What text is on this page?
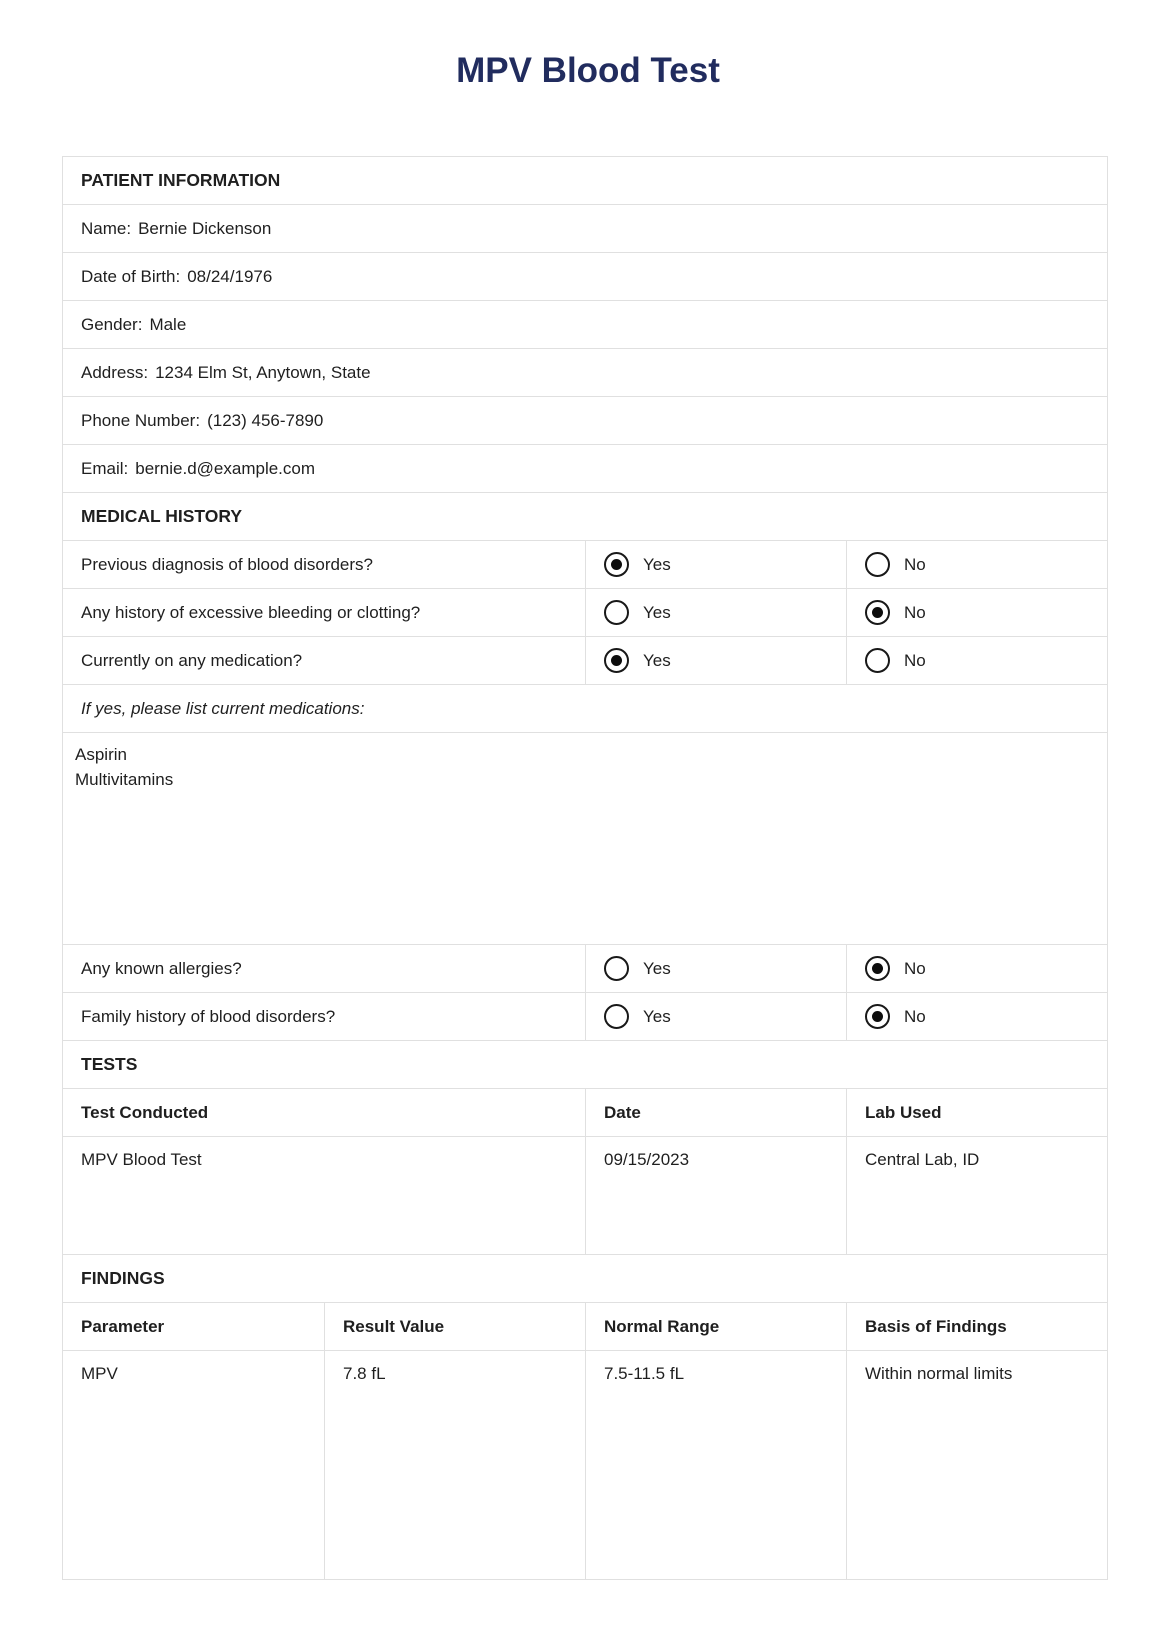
MPV Blood Test
PATIENT INFORMATION
Name: Bernie Dickenson
Date of Birth: 08/24/1976
Gender: Male
Address: 1234 Elm St, Anytown, State
Phone Number: (123) 456-7890
Email: bernie.d@example.com
MEDICAL HISTORY
Previous diagnosis of blood disorders?	Yes	No
Any history of excessive bleeding or clotting?	Yes	No
Currently on any medication?	Yes	No
If yes, please list current medications:
Aspirin
Multivitamins
Any known allergies?	Yes	No
Family history of blood disorders?	Yes	No
TESTS
Test Conducted	Date	Lab Used
MPV Blood Test	09/15/2023	Central Lab, ID
FINDINGS
Parameter	Result Value	Normal Range	Basis of Findings
MPV	7.8 fL	7.5-11.5 fL	Within normal limits
